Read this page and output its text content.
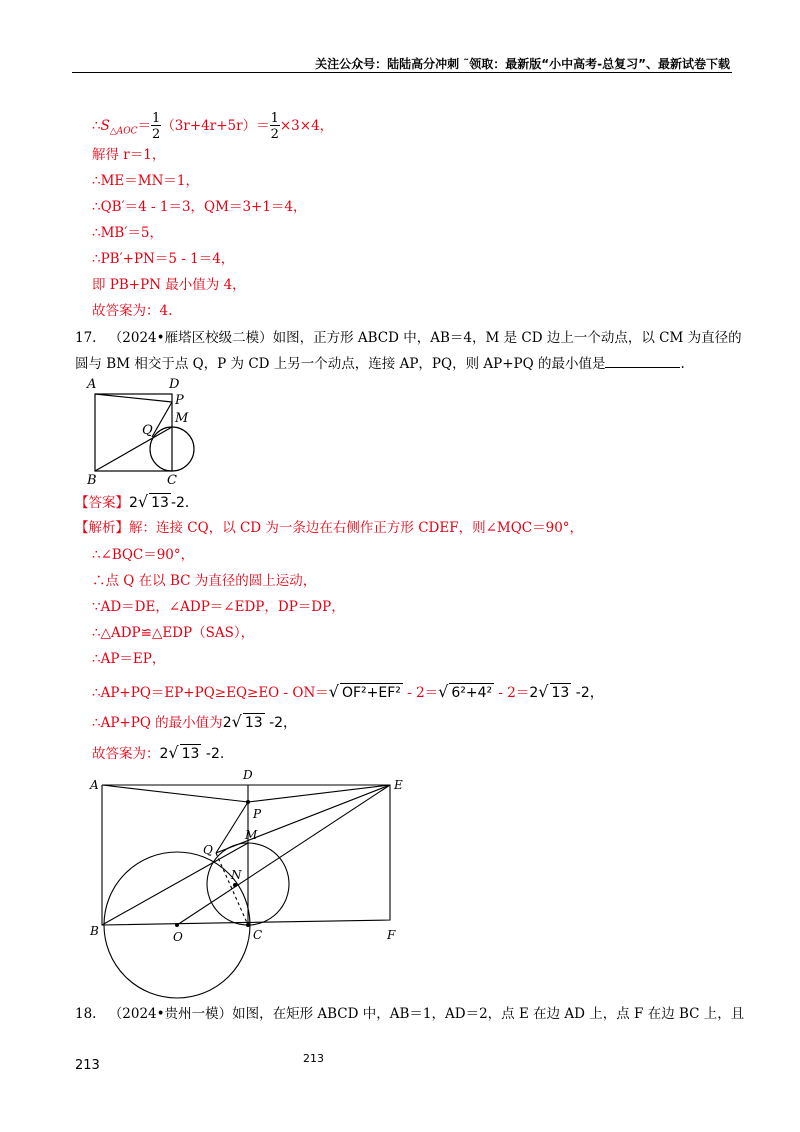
关注公众号：陆陆高分冲刺 ˜领取：最新版“小中高考-总复习”、最新试卷下载
$\therefore S_{\triangle AOC}= \frac{1}{2} (3r+4r+5r)= \frac{1}{2} \times 3\times 4$，
解得 r＝1，
∴ME＝MN＝1，
∴QB′＝4 - 1＝3，QM＝3+1＝4，
∴MB′＝5，
∴PB′+PN＝5 - 1＝4，
即 PB+PN 最小值为 4，
故答案为：4.
17. （2024•雁塔区校级二模）如图，正方形 ABCD 中，AB＝4，M 是 CD 边上一个动点，以 CM 为直径的
圆与 BM 相交于点 Q，P 为 CD 上另一个动点，连接 AP，PQ，则 AP+PQ 的最小值是	.
A	D
P
M
Q
B	C
【答案】2√ 13 -2.
【解析】解：连接 CQ，以 CD 为一条边在右侧作正方形 CDEF，则∠MQC＝90°，
∴∠BQC＝90°，
∴点 Q 在以 BC 为直径的圆上运动，
∵AD＝DE，∠ADP＝∠EDP，DP＝DP，
∴△ADP≌△EDP（SAS），
∴AP＝EP，
∴AP+PQ＝EP+PQ≥EQ≥EO - ON＝√ OF²+EF² - 2＝√ 6²+4² - 2＝2√ 13 -2，
∴AP+PQ 的最小值为2√ 13 -2，
故答案为：2√ 13 -2.
A
D
E
P
M
Q
N
B	O	C	F
18. （2024•贵州一模）如图，在矩形 ABCD 中，AB＝1，AD＝2，点 E 在边 AD 上，点 F 在边 BC 上，且
213	213
